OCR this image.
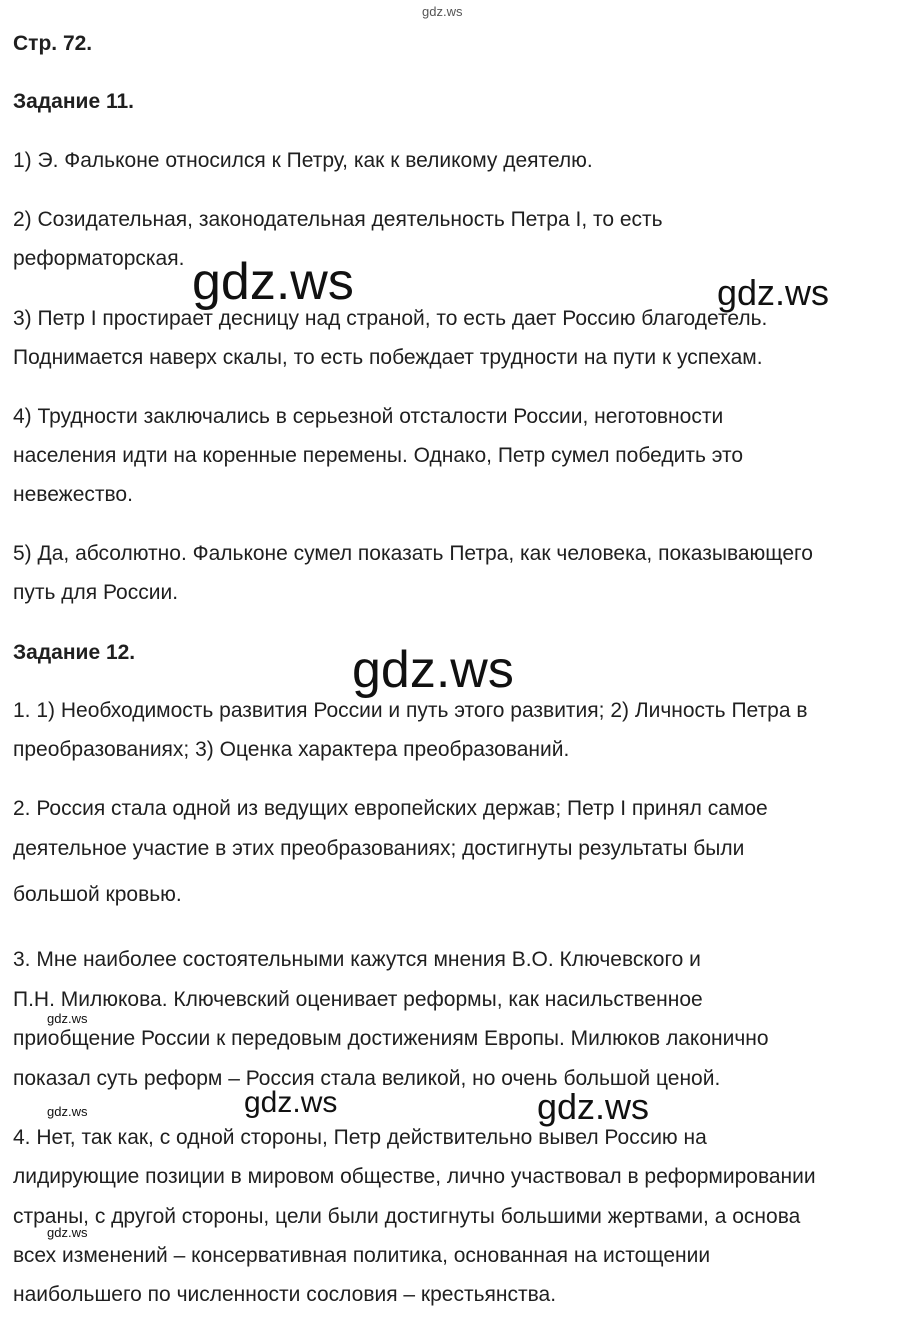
gdz.ws
gdz.ws	gdz.ws
gdz.ws
gdz.ws
gdz.ws	gdz.ws	gdz.ws
gdz.ws
Стр. 72.
Задание 11.
1) Э. Фальконе относился к Петру, как к великому деятелю.
2) Созидательная, законодательная деятельность Петра I, то есть
реформаторская.
3) Петр I простирает десницу над страной, то есть дает Россию благодетель.
Поднимается наверх скалы, то есть побеждает трудности на пути к успехам.
4) Трудности заключались в серьезной отсталости России, неготовности
населения идти на коренные перемены. Однако, Петр сумел победить это
невежество.
5) Да, абсолютно. Фальконе сумел показать Петра, как человека, показывающего
путь для России.
Задание 12.
1. 1) Необходимость развития России и путь этого развития; 2) Личность Петра в
преобразованиях; 3) Оценка характера преобразований.
2. Россия стала одной из ведущих европейских держав; Петр I принял самое
деятельное участие в этих преобразованиях; достигнуты результаты были
большой кровью.
3. Мне наиболее состоятельными кажутся мнения В.О. Ключевского и
П.Н. Милюкова. Ключевский оценивает реформы, как насильственное
приобщение России к передовым достижениям Европы. Милюков лаконично
показал суть реформ – Россия стала великой, но очень большой ценой.
4. Нет, так как, с одной стороны, Петр действительно вывел Россию на
лидирующие позиции в мировом обществе, лично участвовал в реформировании
страны, с другой стороны, цели были достигнуты большими жертвами, а основа
всех изменений – консервативная политика, основанная на истощении
наибольшего по численности сословия – крестьянства.
